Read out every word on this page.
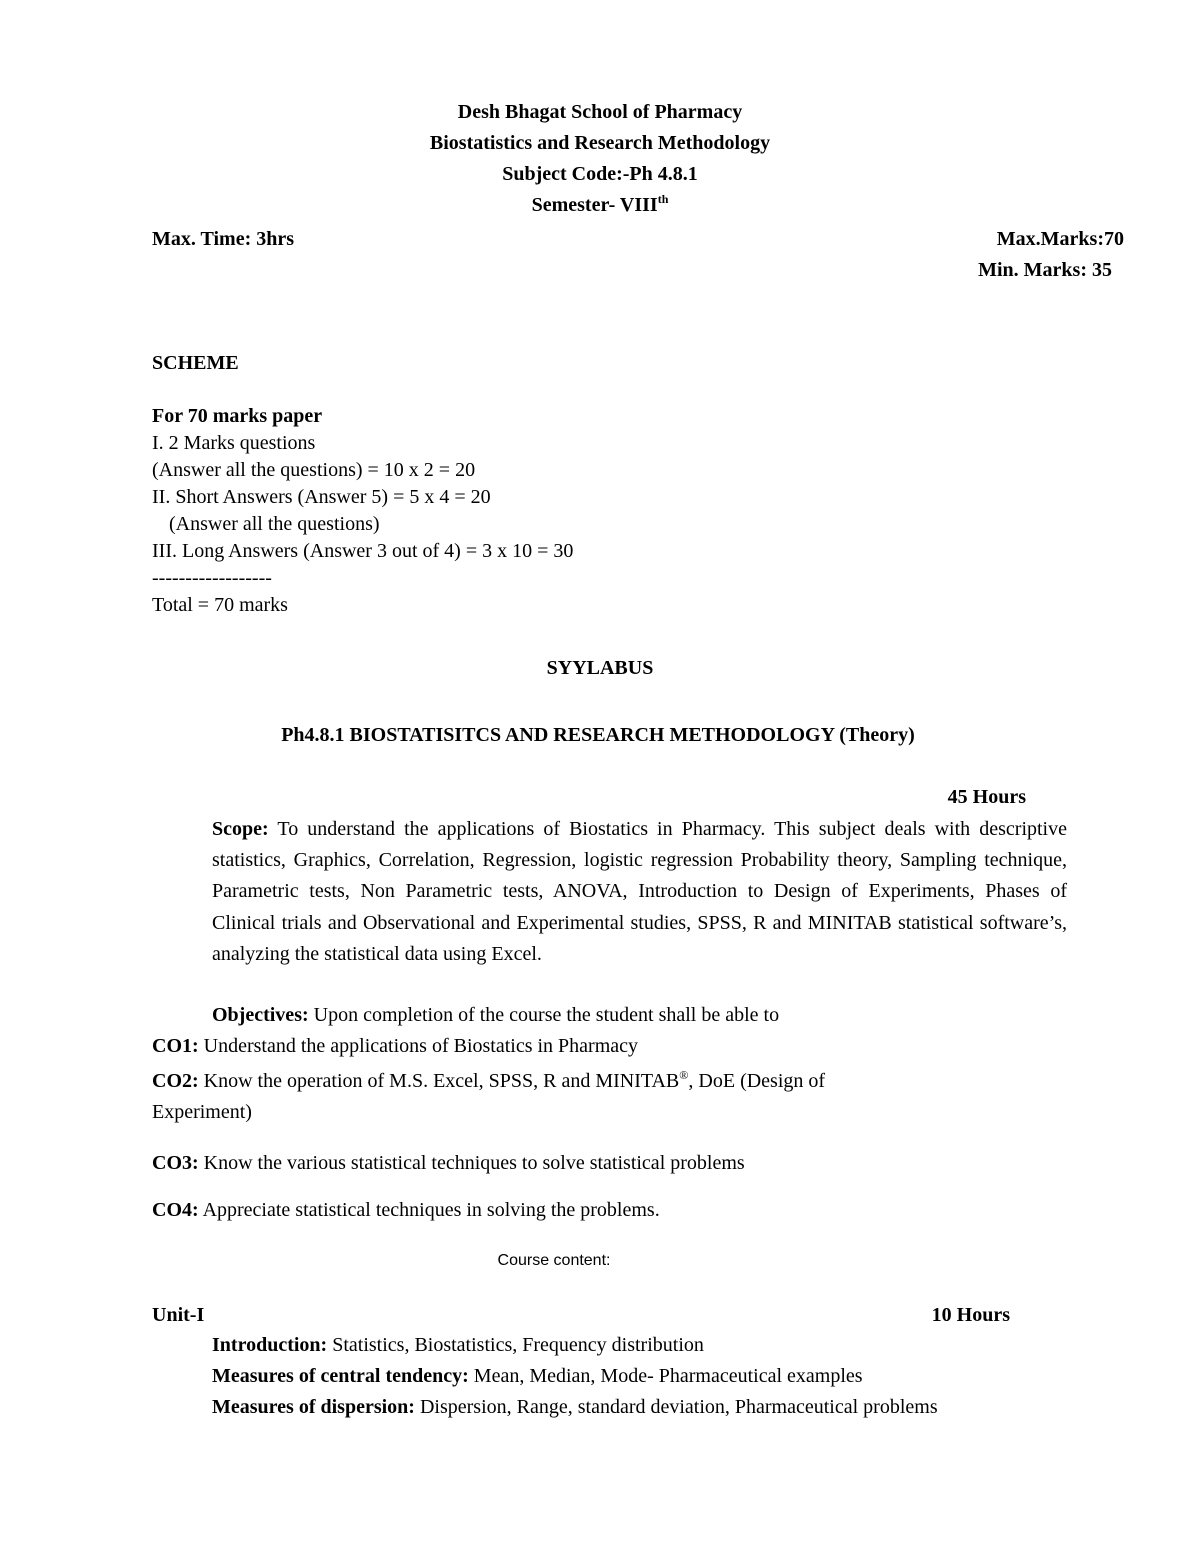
Desh Bhagat School of Pharmacy
Biostatistics and Research Methodology
Subject Code:-Ph 4.8.1
Semester- VIIIth
Max. Time: 3hrs	Max.Marks:70
Min. Marks: 35
SCHEME
For 70 marks paper
I. 2 Marks questions
(Answer all the questions) = 10 x 2 = 20
II. Short Answers (Answer 5) = 5 x 4 = 20
(Answer all the questions)
III. Long Answers (Answer 3 out of 4) = 3 x 10 = 30
------------------
Total = 70 marks
SYYLABUS
Ph4.8.1 BIOSTATISITCS AND RESEARCH METHODOLOGY (Theory)
45 Hours
Scope: To understand the applications of Biostatics in Pharmacy. This subject deals with descriptive statistics, Graphics, Correlation, Regression, logistic regression Probability theory, Sampling technique, Parametric tests, Non Parametric tests, ANOVA, Introduction to Design of Experiments, Phases of Clinical trials and Observational and Experimental studies, SPSS, R and MINITAB statistical software’s, analyzing the statistical data using Excel.
Objectives: Upon completion of the course the student shall be able to
CO1: Understand the applications of Biostatics in Pharmacy
CO2: Know the operation of M.S. Excel, SPSS, R and MINITAB®, DoE (Design of
Experiment)
CO3: Know the various statistical techniques to solve statistical problems
CO4: Appreciate statistical techniques in solving the problems.
Course content:
Unit-I	10 Hours
Introduction: Statistics, Biostatistics, Frequency distribution
Measures of central tendency: Mean, Median, Mode- Pharmaceutical examples
Measures of dispersion: Dispersion, Range, standard deviation, Pharmaceutical problems
